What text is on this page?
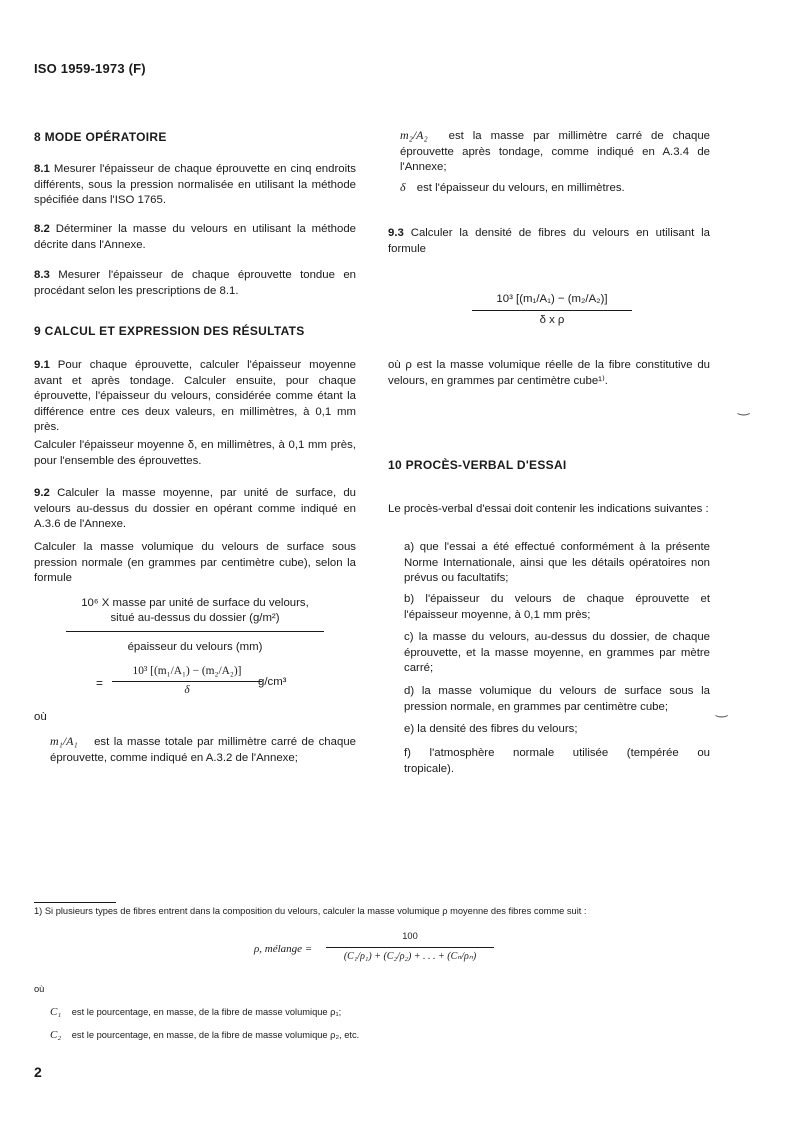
ISO 1959-1973 (F)
8 MODE OPÉRATOIRE
8.1 Mesurer l'épaisseur de chaque éprouvette en cinq endroits différents, sous la pression normalisée en utilisant la méthode spécifiée dans l'ISO 1765.
8.2 Déterminer la masse du velours en utilisant la méthode décrite dans l'Annexe.
8.3 Mesurer l'épaisseur de chaque éprouvette tondue en procédant selon les prescriptions de 8.1.
9 CALCUL ET EXPRESSION DES RÉSULTATS
9.1 Pour chaque éprouvette, calculer l'épaisseur moyenne avant et après tondage. Calculer ensuite, pour chaque éprouvette, l'épaisseur du velours, considérée comme étant la différence entre ces deux valeurs, en millimètres, à 0,1 mm près.
Calculer l'épaisseur moyenne δ, en millimètres, à 0,1 mm près, pour l'ensemble des éprouvettes.
9.2 Calculer la masse moyenne, par unité de surface, du velours au-dessus du dossier en opérant comme indiqué en A.3.6 de l'Annexe.
Calculer la masse volumique du velours de surface sous pression normale (en grammes par centimètre cube), selon la formule
10⁶ X masse par unité de surface du velours,
situé au-dessus du dossier (g/m²)
épaisseur du velours (mm)
=
10³ [(m₁/A₁) − (m₂/A₂)]
δ
g/cm³
où
m₁/A₁ est la masse totale par millimètre carré de chaque éprouvette, comme indiqué en A.3.2 de l'Annexe;
m₂/A₂ est la masse par millimètre carré de chaque éprouvette après tondage, comme indiqué en A.3.4 de l'Annexe;
δ est l'épaisseur du velours, en millimètres.
9.3 Calculer la densité de fibres du velours en utilisant la formule
10³ [(m₁/A₁) − (m₂/A₂)]
δ x ρ
où ρ est la masse volumique réelle de la fibre constitutive du velours, en grammes par centimètre cube¹⁾.
‿
10 PROCÈS-VERBAL D'ESSAI
Le procès-verbal d'essai doit contenir les indications suivantes :
a) que l'essai a été effectué conformément à la présente Norme Internationale, ainsi que les détails opératoires non prévus ou facultatifs;
b) l'épaisseur du velours de chaque éprouvette et l'épaisseur moyenne, à 0,1 mm près;
c) la masse du velours, au-dessus du dossier, de chaque éprouvette, et la masse moyenne, en grammes par mètre carré;
d) la masse volumique du velours de surface sous la pression normale, en grammes par centimètre cube;	‿
e) la densité des fibres du velours;
f) l'atmosphère normale utilisée (tempérée ou tropicale).
1) Si plusieurs types de fibres entrent dans la composition du velours, calculer la masse volumique ρ moyenne des fibres comme suit :
ρ, mélange =
100
(C₁/ρ₁) + (C₂/ρ₂) + . . . + (Cₙ/ρₙ)
où
C₁ est le pourcentage, en masse, de la fibre de masse volumique ρ₁;
C₂ est le pourcentage, en masse, de la fibre de masse volumique ρ₂, etc.
2
